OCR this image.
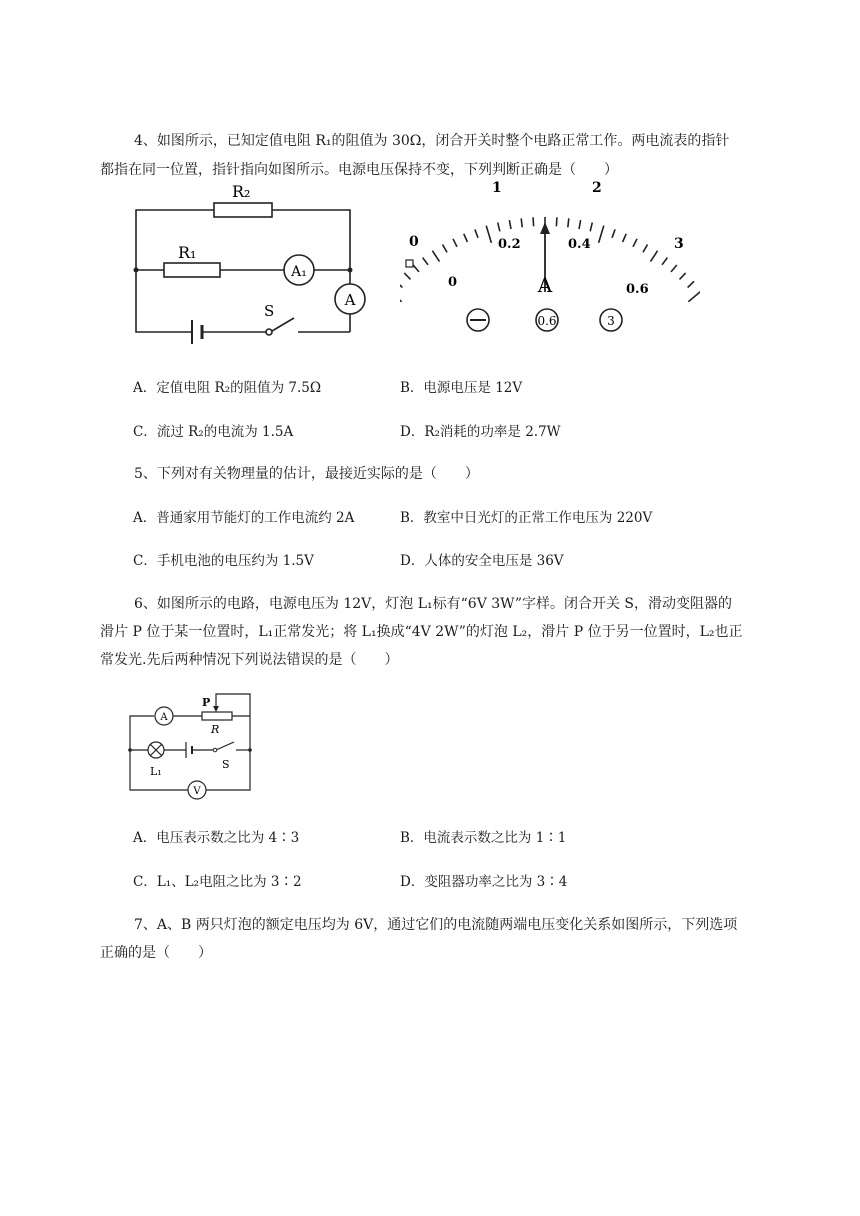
4、如图所示，已知定值电阻 R₁的阻值为 30Ω，闭合开关时整个电路正常工作。两电流表的指针
都指在同一位置，指针指向如图所示。电源电压保持不变，下列判断正确是（　　）
R₂
R₁
A₁
A
S
0
1	2
3
0
0.2	0.4
0.6
A
0.6	3
A．定值电阻 R₂的阻值为 7.5Ω	B．电源电压是 12V
C．流过 R₂的电流为 1.5A	D．R₂消耗的功率是 2.7W
5、下列对有关物理量的估计，最接近实际的是（　　）
A．普通家用节能灯的工作电流约 2A	B．教室中日光灯的正常工作电压为 220V
C．手机电池的电压约为 1.5V	D．人体的安全电压是 36V
6、如图所示的电路，电源电压为 12V，灯泡 L₁标有“6V 3W”字样。闭合开关 S，滑动变阻器的
滑片 P 位于某一位置时，L₁正常发光；将 L₁换成“4V 2W”的灯泡 L₂，滑片 P 位于另一位置时，L₂也正
常发光.先后两种情况下列说法错误的是（　　）
P
R
A
L₁
S
V
A．电压表示数之比为 4∶3	B．电流表示数之比为 1∶1
C．L₁、L₂电阻之比为 3∶2	D．变阻器功率之比为 3∶4
7、A、B 两只灯泡的额定电压均为 6V，通过它们的电流随两端电压变化关系如图所示，下列选项
正确的是（　　）
